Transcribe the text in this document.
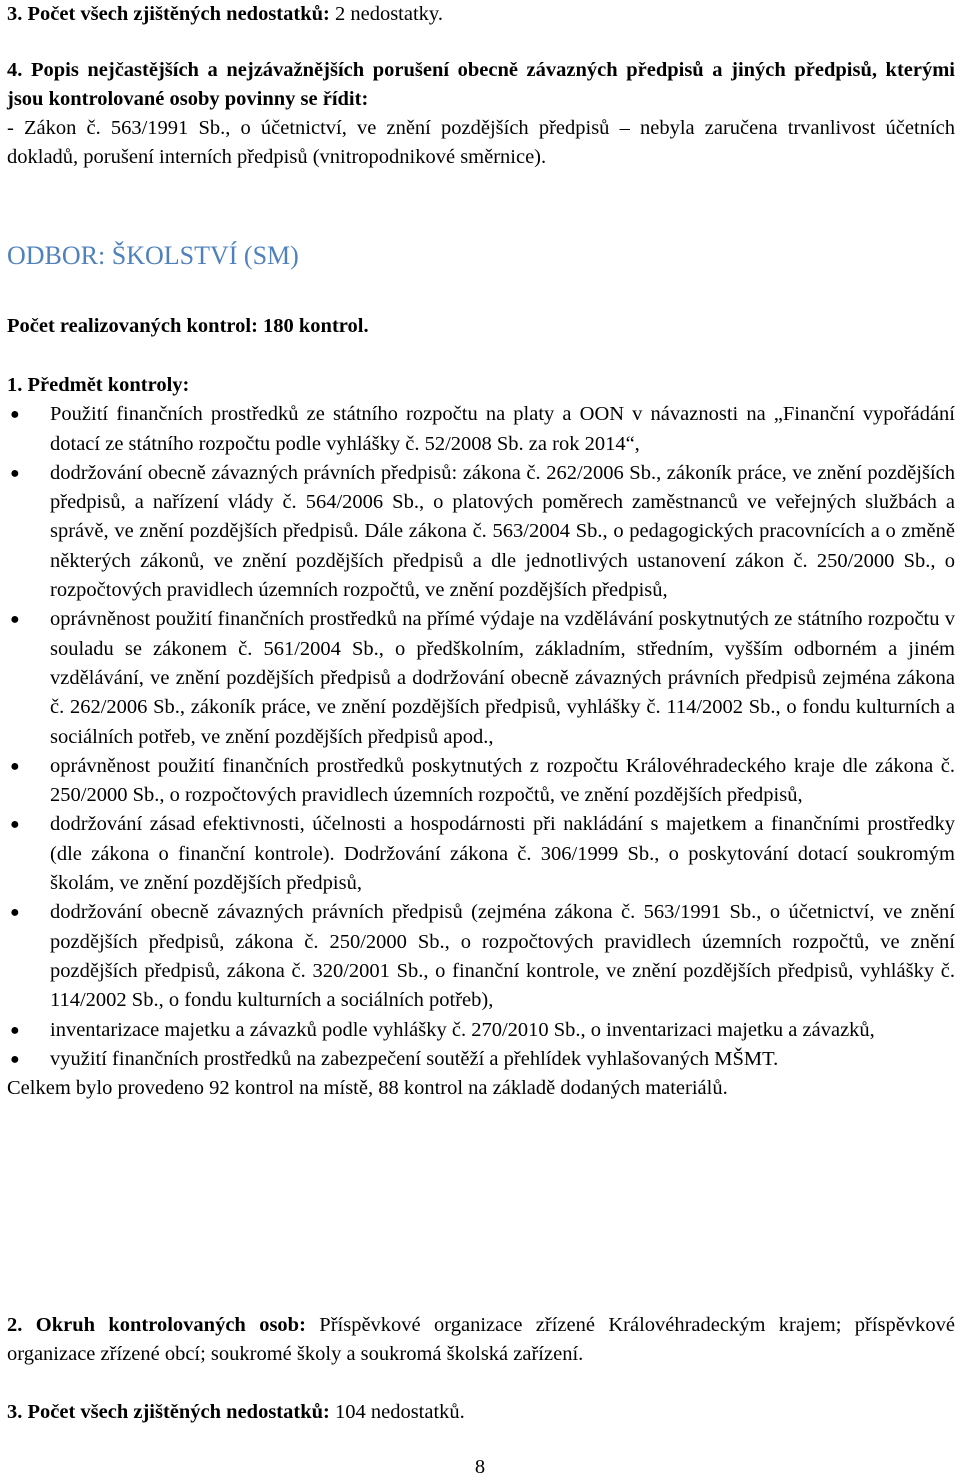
3. Počet všech zjištěných nedostatků: 2 nedostatky.

4. Popis nejčastějších a nejzávažnějších porušení obecně závazných předpisů a jiných předpisů, kterými jsou kontrolované osoby povinny se řídit:

- Zákon č. 563/1991 Sb., o účetnictví, ve znění pozdějších předpisů – nebyla zaručena trvanlivost účetních dokladů, porušení interních předpisů (vnitropodnikové směrnice).

ODBOR: ŠKOLSTVÍ (SM)

Počet realizovaných kontrol: 180 kontrol.

1. Předmět kontroly:

● Použití finančních prostředků ze státního rozpočtu na platy a OON v návaznosti na „Finanční vypořádání dotací ze státního rozpočtu podle vyhlášky č. 52/2008 Sb. za rok 2014“,
● dodržování obecně závazných právních předpisů: zákona č. 262/2006 Sb., zákoník práce, ve znění pozdějších předpisů, a nařízení vlády č. 564/2006 Sb., o platových poměrech zaměstnanců ve veřejných službách a správě, ve znění pozdějších předpisů. Dále zákona č. 563/2004 Sb., o pedagogických pracovnících a o změně některých zákonů, ve znění pozdějších předpisů a dle jednotlivých ustanovení zákon č. 250/2000 Sb., o rozpočtových pravidlech územních rozpočtů, ve znění pozdějších předpisů,
● oprávněnost použití finančních prostředků na přímé výdaje na vzdělávání poskytnutých ze státního rozpočtu v souladu se zákonem č. 561/2004 Sb., o předškolním, základním, středním, vyšším odborném a jiném vzdělávání, ve znění pozdějších předpisů a dodržování obecně závazných právních předpisů zejména zákona č. 262/2006 Sb., zákoník práce, ve znění pozdějších předpisů, vyhlášky č. 114/2002 Sb., o fondu kulturních a sociálních potřeb, ve znění pozdějších předpisů apod.,
● oprávněnost použití finančních prostředků poskytnutých z rozpočtu Královéhradeckého kraje dle zákona č. 250/2000 Sb., o rozpočtových pravidlech územních rozpočtů, ve znění pozdějších předpisů,
● dodržování zásad efektivnosti, účelnosti a hospodárnosti při nakládání s majetkem a finančními prostředky (dle zákona o finanční kontrole). Dodržování zákona č. 306/1999 Sb., o poskytování dotací soukromým školám, ve znění pozdějších předpisů,
● dodržování obecně závazných právních předpisů (zejména zákona č. 563/1991 Sb., o účetnictví, ve znění pozdějších předpisů, zákona č. 250/2000 Sb., o rozpočtových pravidlech územních rozpočtů, ve znění pozdějších předpisů, zákona č. 320/2001 Sb., o finanční kontrole, ve znění pozdějších předpisů, vyhlášky č. 114/2002 Sb., o fondu kulturních a sociálních potřeb),
● inventarizace majetku a závazků podle vyhlášky č. 270/2010 Sb., o inventarizaci majetku a závazků,
● využití finančních prostředků na zabezpečení soutěží a přehlídek vyhlašovaných MŠMT.

Celkem bylo provedeno 92 kontrol na místě, 88 kontrol na základě dodaných materiálů.

2. Okruh kontrolovaných osob: Příspěvkové organizace zřízené Královéhradeckým krajem; příspěvkové organizace zřízené obcí; soukromé školy a soukromá školská zařízení.

3. Počet všech zjištěných nedostatků: 104 nedostatků.

8
